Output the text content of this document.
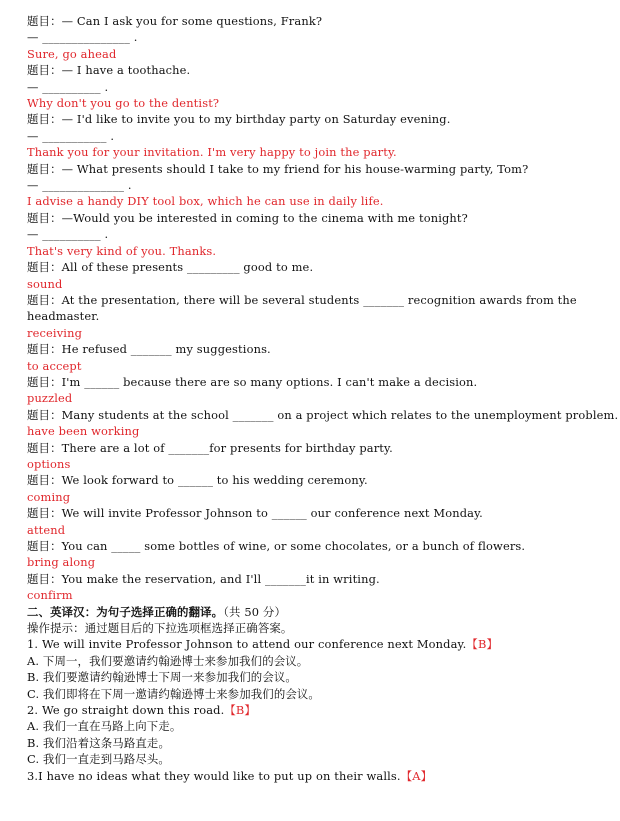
题目：— Can I ask you for some questions, Frank?
— _______________ .
Sure, go ahead
题目：— I have a toothache.
— __________ .
Why don't you go to the dentist?
题目：— I'd like to invite you to my birthday party on Saturday evening.
— ___________ .
Thank you for your invitation. I'm very happy to join the party.
题目：— What presents should I take to my friend for his house-warming party, Tom?
— ______________ .
I advise a handy DIY tool box, which he can use in daily life.
题目：—Would you be interested in coming to the cinema with me tonight?
— __________ .
That's very kind of you. Thanks.
题目：All of these presents _________ good to me.
sound
题目：At the presentation, there will be several students _______ recognition awards from the headmaster.
receiving
题目：He refused _______ my suggestions.
to accept
题目：I'm ______ because there are so many options. I can't make a decision.
puzzled
题目：Many students at the school _______ on a project which relates to the unemployment problem.
have been working
题目：There are a lot of _______for presents for birthday party.
options
题目：We look forward to ______ to his wedding ceremony.
coming
题目：We will invite Professor Johnson to ______ our conference next Monday.
attend
题目：You can _____ some bottles of wine, or some chocolates, or a bunch of flowers.
bring along
题目：You make the reservation, and I'll _______it in writing.
confirm
二、英译汉：为句子选择正确的翻译。（共 50 分）
操作提示：通过题目后的下拉选项框选择正确答案。
1. We will invite Professor Johnson to attend our conference next Monday.【B】
A. 下周一，我们要邀请约翰逊博士来参加我们的会议。
B. 我们要邀请约翰逊博士下周一来参加我们的会议。
C. 我们即将在下周一邀请约翰逊博士来参加我们的会议。
2. We go straight down this road.【B】
A. 我们一直在马路上向下走。
B. 我们沿着这条马路直走。
C. 我们一直走到马路尽头。
3.I have no ideas what they would like to put up on their walls.【A】
